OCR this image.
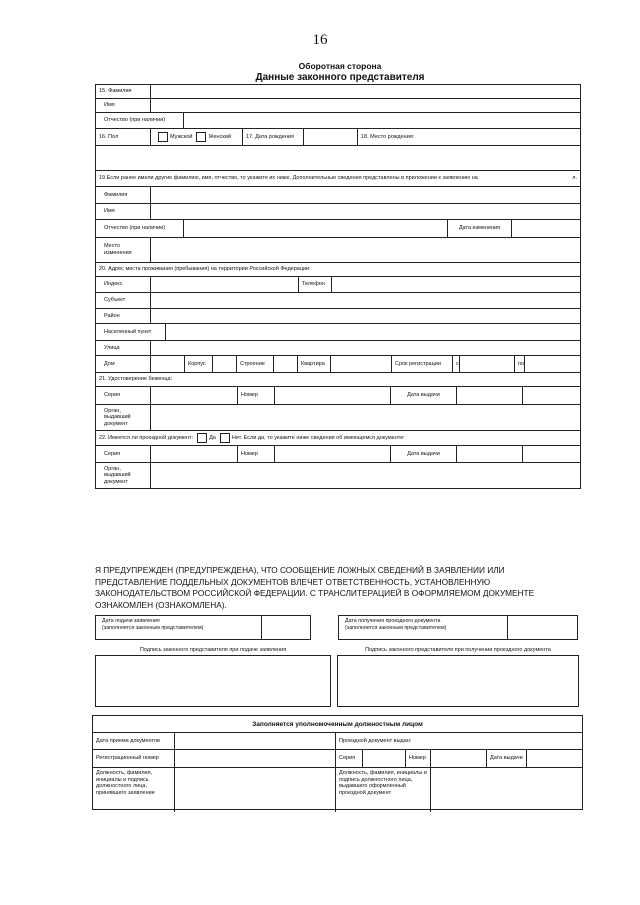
16
Оборотная сторона
Данные законного представителя
15. Фамилия
Имя
Отчество (при наличии)
16. Пол	Мужской	Женский	17. Дата рождения	18. Место рождения:
19.Если ранее имели другие фамилию, имя, отчество, то укажите их ниже. Дополнительные сведения представлены в приложении к заявлению на	л.
Фамилия
Имя
Отчество (при наличии)	Дата изменения
Место изменения
20. Адрес места проживания (пребывания) на территории Российской Федерации:
Индекс	Телефон
Субъект
Район
Населенный пункт
Улица
Дом	Корпус	Строение	Квартира	Срок регистрации	с	по
21. Удостоверение беженца:
Серия	Номер	Дата выдачи
Орган, выдавший документ
22. Имеется ли проездной документ:	Да	Нет. Если да, то укажите ниже сведения об имеющемся документе:
Серия	Номер	Дата выдачи
Орган, выдавший документ
Я ПРЕДУПРЕЖДЕН (ПРЕДУПРЕЖДЕНА), ЧТО СООБЩЕНИЕ ЛОЖНЫХ СВЕДЕНИЙ В ЗАЯВЛЕНИИ ИЛИ ПРЕДСТАВЛЕНИЕ ПОДДЕЛЬНЫХ ДОКУМЕНТОВ ВЛЕЧЕТ ОТВЕТСТВЕННОСТЬ, УСТАНОВЛЕННУЮ ЗАКОНОДАТЕЛЬСТВОМ РОССИЙСКОЙ ФЕДЕРАЦИИ. С ТРАНСЛИТЕРАЦИЕЙ В ОФОРМЛЯЕМОМ ДОКУМЕНТЕ ОЗНАКОМЛЕН (ОЗНАКОМЛЕНА).
Дата подачи заявления
(заполняется законным представителем)
Дата получения проездного документа
(заполняется законным представителем)
Подпись законного представителя при подаче заявления	Подпись законного представителя при получении проездного документа
Заполняется уполномоченным должностным лицом
Дата приема документов	Проездной документ выдан:
Регистрационный номер	Серия	Номер	Дата выдачи
Должность, фамилия, инициалы и подпись должностного лица, принявшего заявление
Должность, фамилия, инициалы и подпись должностного лица, выдавшего оформленный проездной документ
